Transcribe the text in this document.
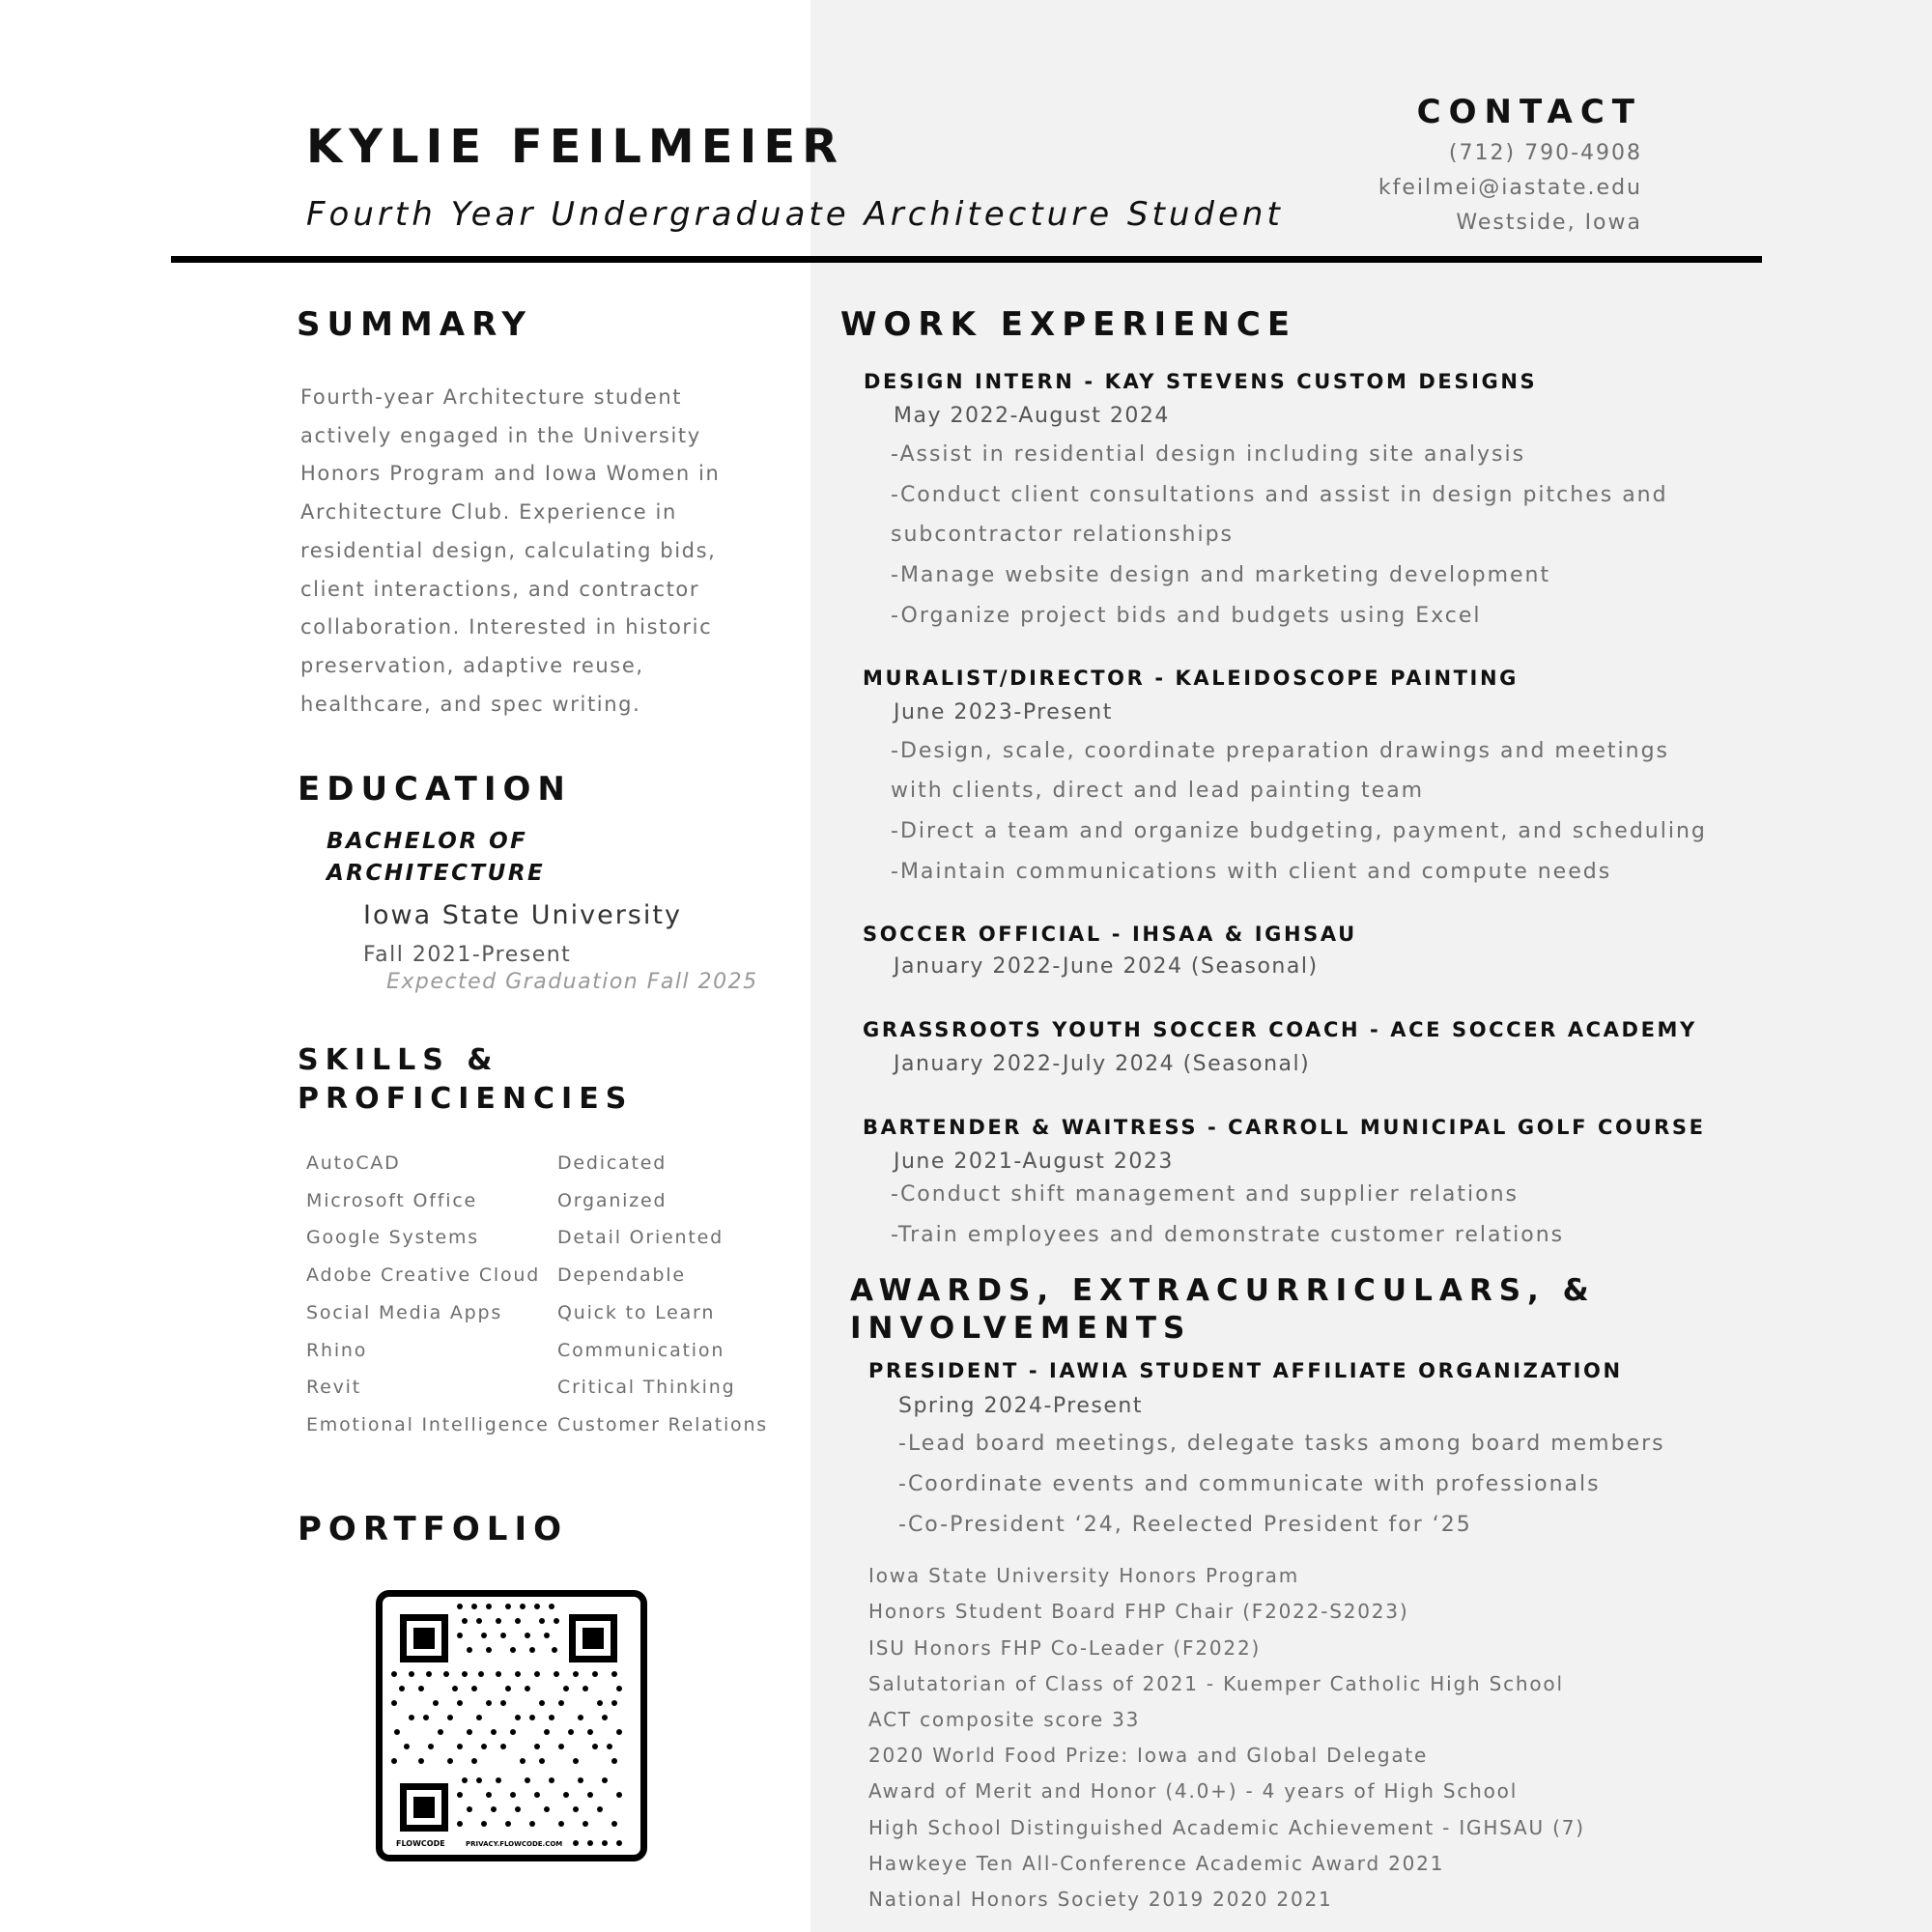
KYLIE FEILMEIER
Fourth Year Undergraduate Architecture Student
CONTACT
(712) 790-4908
kfeilmei@iastate.edu
Westside, Iowa
SUMMARY
Fourth-year Architecture student
actively engaged in the University
Honors Program and Iowa Women in
Architecture Club. Experience in
residential design, calculating bids,
client interactions, and contractor
collaboration. Interested in historic
preservation, adaptive reuse,
healthcare, and spec writing.
EDUCATION
BACHELOR OF
ARCHITECTURE
Iowa State University
Fall 2021-Present
Expected Graduation Fall 2025
SKILLS &
PROFICIENCIES
AutoCAD
Microsoft Office
Google Systems
Adobe Creative Cloud
Social Media Apps
Rhino
Revit
Emotional Intelligence
Dedicated
Organized
Detail Oriented
Dependable
Quick to Learn
Communication
Critical Thinking
Customer Relations
PORTFOLIO
FLOWCODE	PRIVACY.FLOWCODE.COM
WORK EXPERIENCE
DESIGN INTERN - KAY STEVENS CUSTOM DESIGNS
May 2022-August 2024
-Assist in residential design including site analysis
-Conduct client consultations and assist in design pitches and
subcontractor relationships
-Manage website design and marketing development
-Organize project bids and budgets using Excel
MURALIST/DIRECTOR - KALEIDOSCOPE PAINTING
June 2023-Present
-Design, scale, coordinate preparation drawings and meetings
with clients, direct and lead painting team
-Direct a team and organize budgeting, payment, and scheduling
-Maintain communications with client and compute needs
SOCCER OFFICIAL - IHSAA & IGHSAU
January 2022-June 2024 (Seasonal)
GRASSROOTS YOUTH SOCCER COACH - ACE SOCCER ACADEMY
January 2022-July 2024 (Seasonal)
BARTENDER & WAITRESS - CARROLL MUNICIPAL GOLF COURSE
June 2021-August 2023
-Conduct shift management and supplier relations
-Train employees and demonstrate customer relations
AWARDS, EXTRACURRICULARS, &
INVOLVEMENTS
PRESIDENT - IAWIA STUDENT AFFILIATE ORGANIZATION
Spring 2024-Present
-Lead board meetings, delegate tasks among board members
-Coordinate events and communicate with professionals
-Co-President ‘24, Reelected President for ‘25
Iowa State University Honors Program
Honors Student Board FHP Chair (F2022-S2023)
ISU Honors FHP Co-Leader (F2022)
Salutatorian of Class of 2021 - Kuemper Catholic High School
ACT composite score 33
2020 World Food Prize: Iowa and Global Delegate
Award of Merit and Honor (4.0+) - 4 years of High School
High School Distinguished Academic Achievement - IGHSAU (7)
Hawkeye Ten All-Conference Academic Award 2021
National Honors Society 2019 2020 2021
